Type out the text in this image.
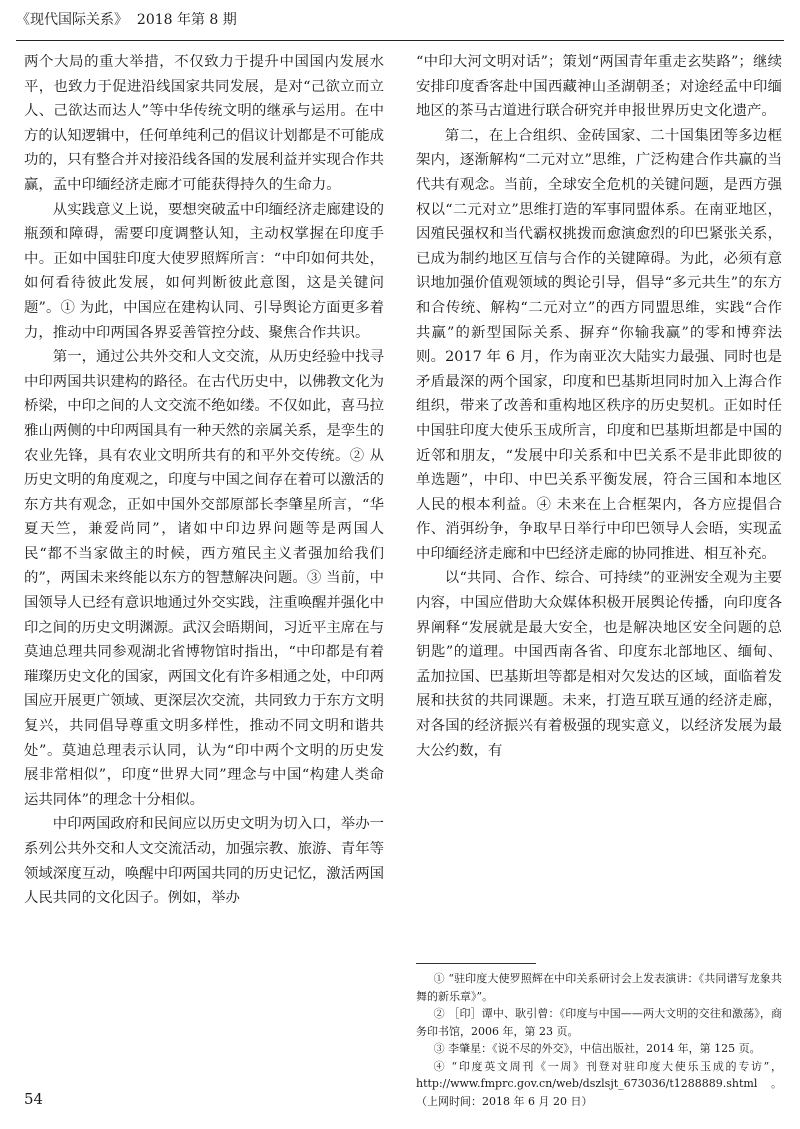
《现代国际关系》 2018 年第 8 期

两个大局的重大举措，不仅致力于提升中国国内发展水平，也致力于促进沿线国家共同发展，是对“己欲立而立人、己欲达而达人”等中华传统文明的继承与运用。在中方的认知逻辑中，任何单纯利己的倡议计划都是不可能成功的，只有整合并对接沿线各国的发展利益并实现合作共赢，孟中印缅经济走廊才可能获得持久的生命力。

从实践意义上说，要想突破孟中印缅经济走廊建设的瓶颈和障碍，需要印度调整认知，主动权掌握在印度手中。正如中国驻印度大使罗照辉所言：“中印如何共处，如何看待彼此发展，如何判断彼此意图，这是关键问题”。① 为此，中国应在建构认同、引导舆论方面更多着力，推动中印两国各界妥善管控分歧、聚焦合作共识。

第一，通过公共外交和人文交流，从历史经验中找寻中印两国共识建构的路径。在古代历史中，以佛教文化为桥梁，中印之间的人文交流不绝如缕。不仅如此，喜马拉雅山两侧的中印两国具有一种天然的亲属关系，是孪生的农业先锋，具有农业文明所共有的和平外交传统。② 从历史文明的角度观之，印度与中国之间存在着可以激活的东方共有观念，正如中国外交部原部长李肇星所言，“华夏天竺，兼爱尚同”，诸如中印边界问题等是两国人民“都不当家做主的时候，西方殖民主义者强加给我们的”，两国未来终能以东方的智慧解决问题。③ 当前，中国领导人已经有意识地通过外交实践，注重唤醒并强化中印之间的历史文明渊源。武汉会晤期间，习近平主席在与莫迪总理共同参观湖北省博物馆时指出，“中印都是有着璀璨历史文化的国家，两国文化有许多相通之处，中印两国应开展更广领域、更深层次交流，共同致力于东方文明复兴，共同倡导尊重文明多样性，推动不同文明和谐共处”。莫迪总理表示认同，认为“印中两个文明的历史发展非常相似”，印度“世界大同”理念与中国“构建人类命运共同体”的理念十分相似。

中印两国政府和民间应以历史文明为切入口，举办一系列公共外交和人文交流活动，加强宗教、旅游、青年等领域深度互动，唤醒中印两国共同的历史记忆，激活两国人民共同的文化因子。例如，举办

“中印大河文明对话”；策划“两国青年重走玄奘路”；继续安排印度香客赴中国西藏神山圣湖朝圣；对途经孟中印缅地区的茶马古道进行联合研究并申报世界历史文化遗产。

第二，在上合组织、金砖国家、二十国集团等多边框架内，逐渐解构“二元对立”思维，广泛构建合作共赢的当代共有观念。当前，全球安全危机的关键问题，是西方强权以“二元对立”思维打造的军事同盟体系。在南亚地区，因殖民强权和当代霸权挑拨而愈演愈烈的印巴紧张关系，已成为制约地区互信与合作的关键障碍。为此，必须有意识地加强价值观领域的舆论引导，倡导“多元共生”的东方和合传统、解构“二元对立”的西方同盟思维，实践“合作共赢”的新型国际关系、摒弃“你输我赢”的零和博弈法则。2017 年 6 月，作为南亚次大陆实力最强、同时也是矛盾最深的两个国家，印度和巴基斯坦同时加入上海合作组织，带来了改善和重构地区秩序的历史契机。正如时任中国驻印度大使乐玉成所言，印度和巴基斯坦都是中国的近邻和朋友，“发展中印关系和中巴关系不是非此即彼的单选题”，中印、中巴关系平衡发展，符合三国和本地区人民的根本利益。④ 未来在上合框架内，各方应提倡合作、消弭纷争，争取早日举行中印巴领导人会晤，实现孟中印缅经济走廊和中巴经济走廊的协同推进、相互补充。

以“共同、合作、综合、可持续”的亚洲安全观为主要内容，中国应借助大众媒体积极开展舆论传播，向印度各界阐释“发展就是最大安全，也是解决地区安全问题的总钥匙”的道理。中国西南各省、印度东北部地区、缅甸、孟加拉国、巴基斯坦等都是相对欠发达的区域，面临着发展和扶贫的共同课题。未来，打造互联互通的经济走廊，对各国的经济振兴有着极强的现实意义，以经济发展为最大公约数，有

① “驻印度大使罗照辉在中印关系研讨会上发表演讲：《共同谱写龙象共舞的新乐章》”。

② ［印］谭中、耿引曾：《印度与中国——两大文明的交往和激荡》，商务印书馆，2006 年，第 23 页。

③ 李肇星：《说不尽的外交》，中信出版社，2014 年，第 125 页。

④ “印度英文周刊《一周》刊登对驻印度大使乐玉成的专访”，http://www.fmprc.gov.cn/web/dszlsjt_673036/t1288889.shtml。（上网时间：2018 年 6 月 20 日）

54
